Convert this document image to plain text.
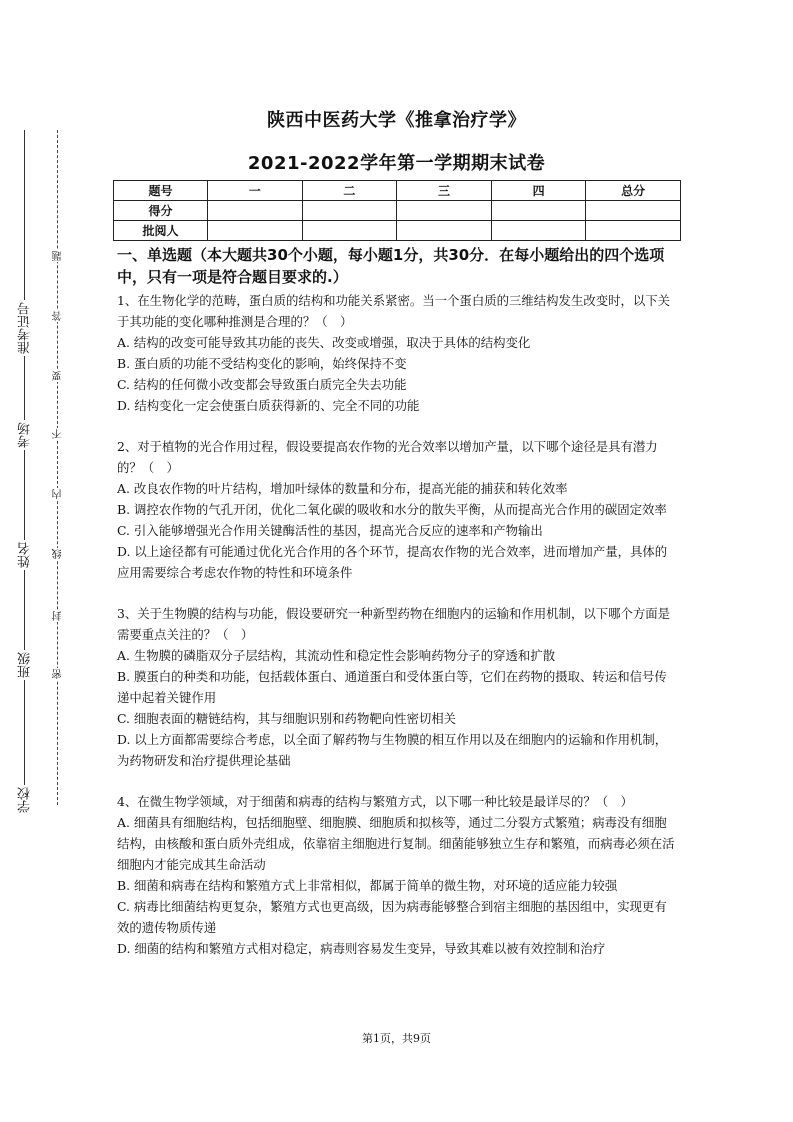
准考证号
考场
姓名
班级
学校
题
答
要
不
内
线
封
密
陕西中医药大学《推拿治疗学》
2021-2022学年第一学期期末试卷
题号	一	二	三	四	总分
得分					
批阅人					
一、单选题（本大题共30个小题，每小题1分，共30分．在每小题给出的四个选项中，只有一项是符合题目要求的.）

1、在生物化学的范畴，蛋白质的结构和功能关系紧密。当一个蛋白质的三维结构发生改变时，以下关于其功能的变化哪种推测是合理的？（　）

A. 结构的改变可能导致其功能的丧失、改变或增强，取决于具体的结构变化

B. 蛋白质的功能不受结构变化的影响，始终保持不变

C. 结构的任何微小改变都会导致蛋白质完全失去功能

D. 结构变化一定会使蛋白质获得新的、完全不同的功能

2、对于植物的光合作用过程，假设要提高农作物的光合效率以增加产量，以下哪个途径是具有潜力的？（　）

A. 改良农作物的叶片结构，增加叶绿体的数量和分布，提高光能的捕获和转化效率

B. 调控农作物的气孔开闭，优化二氧化碳的吸收和水分的散失平衡，从而提高光合作用的碳固定效率

C. 引入能够增强光合作用关键酶活性的基因，提高光合反应的速率和产物输出

D. 以上途径都有可能通过优化光合作用的各个环节，提高农作物的光合效率，进而增加产量，具体的应用需要综合考虑农作物的特性和环境条件

3、关于生物膜的结构与功能，假设要研究一种新型药物在细胞内的运输和作用机制，以下哪个方面是需要重点关注的？（　）

A. 生物膜的磷脂双分子层结构，其流动性和稳定性会影响药物分子的穿透和扩散

B. 膜蛋白的种类和功能，包括载体蛋白、通道蛋白和受体蛋白等，它们在药物的摄取、转运和信号传递中起着关键作用

C. 细胞表面的糖链结构，其与细胞识别和药物靶向性密切相关

D. 以上方面都需要综合考虑，以全面了解药物与生物膜的相互作用以及在细胞内的运输和作用机制，为药物研发和治疗提供理论基础

4、在微生物学领域，对于细菌和病毒的结构与繁殖方式，以下哪一种比较是最详尽的？（　）

A. 细菌具有细胞结构，包括细胞壁、细胞膜、细胞质和拟核等，通过二分裂方式繁殖；病毒没有细胞结构，由核酸和蛋白质外壳组成，依靠宿主细胞进行复制。细菌能够独立生存和繁殖，而病毒必须在活细胞内才能完成其生命活动

B. 细菌和病毒在结构和繁殖方式上非常相似，都属于简单的微生物，对环境的适应能力较强

C. 病毒比细菌结构更复杂，繁殖方式也更高级，因为病毒能够整合到宿主细胞的基因组中，实现更有效的遗传物质传递

D. 细菌的结构和繁殖方式相对稳定，病毒则容易发生变异，导致其难以被有效控制和治疗

第1页，共9页
